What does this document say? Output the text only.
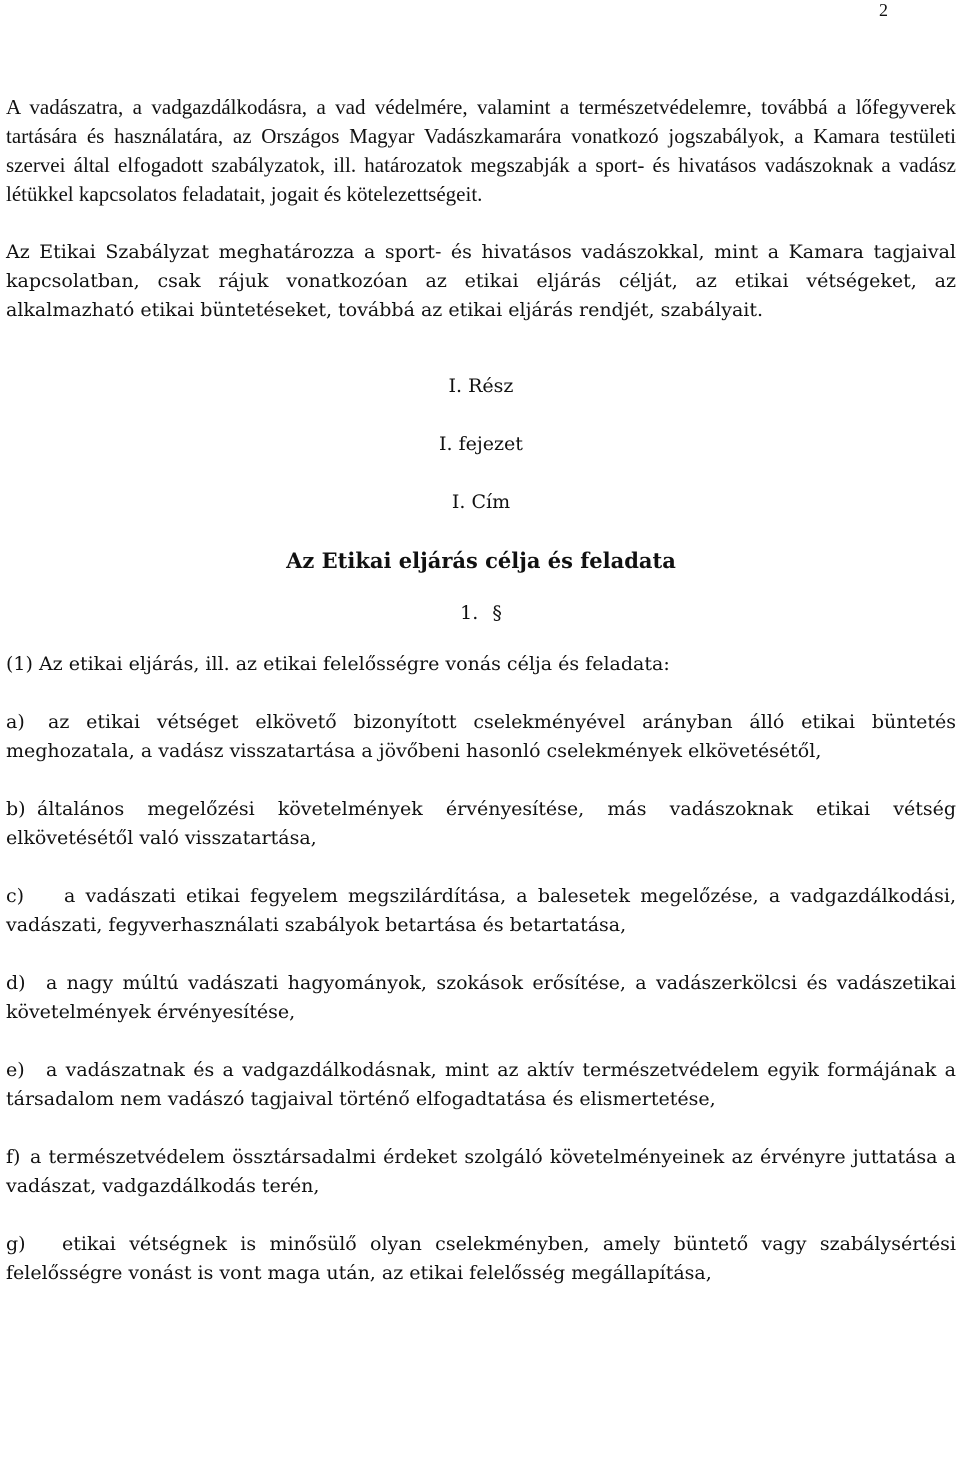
2

A vadászatra, a vadgazdálkodásra, a vad védelmére, valamint a természetvédelemre, továbbá a lőfegyverek tartására és használatára, az Országos Magyar Vadászkamarára vonatkozó jogszabályok, a Kamara testületi szervei által elfogadott szabályzatok, ill. határozatok megszabják a sport- és hivatásos vadászoknak a vadász létükkel kapcsolatos feladatait, jogait és kötelezettségeit.

Az Etikai Szabályzat meghatározza a sport- és hivatásos vadászokkal, mint a Kamara tagjaival kapcsolatban, csak rájuk vonatkozóan az etikai eljárás célját, az etikai vétségeket, az alkalmazható etikai büntetéseket, továbbá az etikai eljárás rendjét, szabályait.

I. Rész

I. fejezet

I. Cím

Az Etikai eljárás célja és feladata

1. §

(1) Az etikai eljárás, ill. az etikai felelősségre vonás célja és feladata:

a) az etikai vétséget elkövető bizonyított cselekményével arányban álló etikai büntetés meghozatala, a vadász visszatartása a jövőbeni hasonló cselekmények elkövetésétől,
b) általános megelőzési követelmények érvényesítése, más vadászoknak etikai vétség elkövetésétől való visszatartása,
c) a vadászati etikai fegyelem megszilárdítása, a balesetek megelőzése, a vadgazdálkodási, vadászati, fegyverhasználati szabályok betartása és betartatása,
d) a nagy múltú vadászati hagyományok, szokások erősítése, a vadászerkölcsi és vadászetikai követelmények érvényesítése,
e) a vadászatnak és a vadgazdálkodásnak, mint az aktív természetvédelem egyik formájának a társadalom nem vadászó tagjaival történő elfogadtatása és elismertetése,
f) a természetvédelem össztársadalmi érdeket szolgáló követelményeinek az érvényre juttatása a vadászat, vadgazdálkodás terén,
g) etikai vétségnek is minősülő olyan cselekményben, amely büntető vagy szabálysértési felelősségre vonást is vont maga után, az etikai felelősség megállapítása,
